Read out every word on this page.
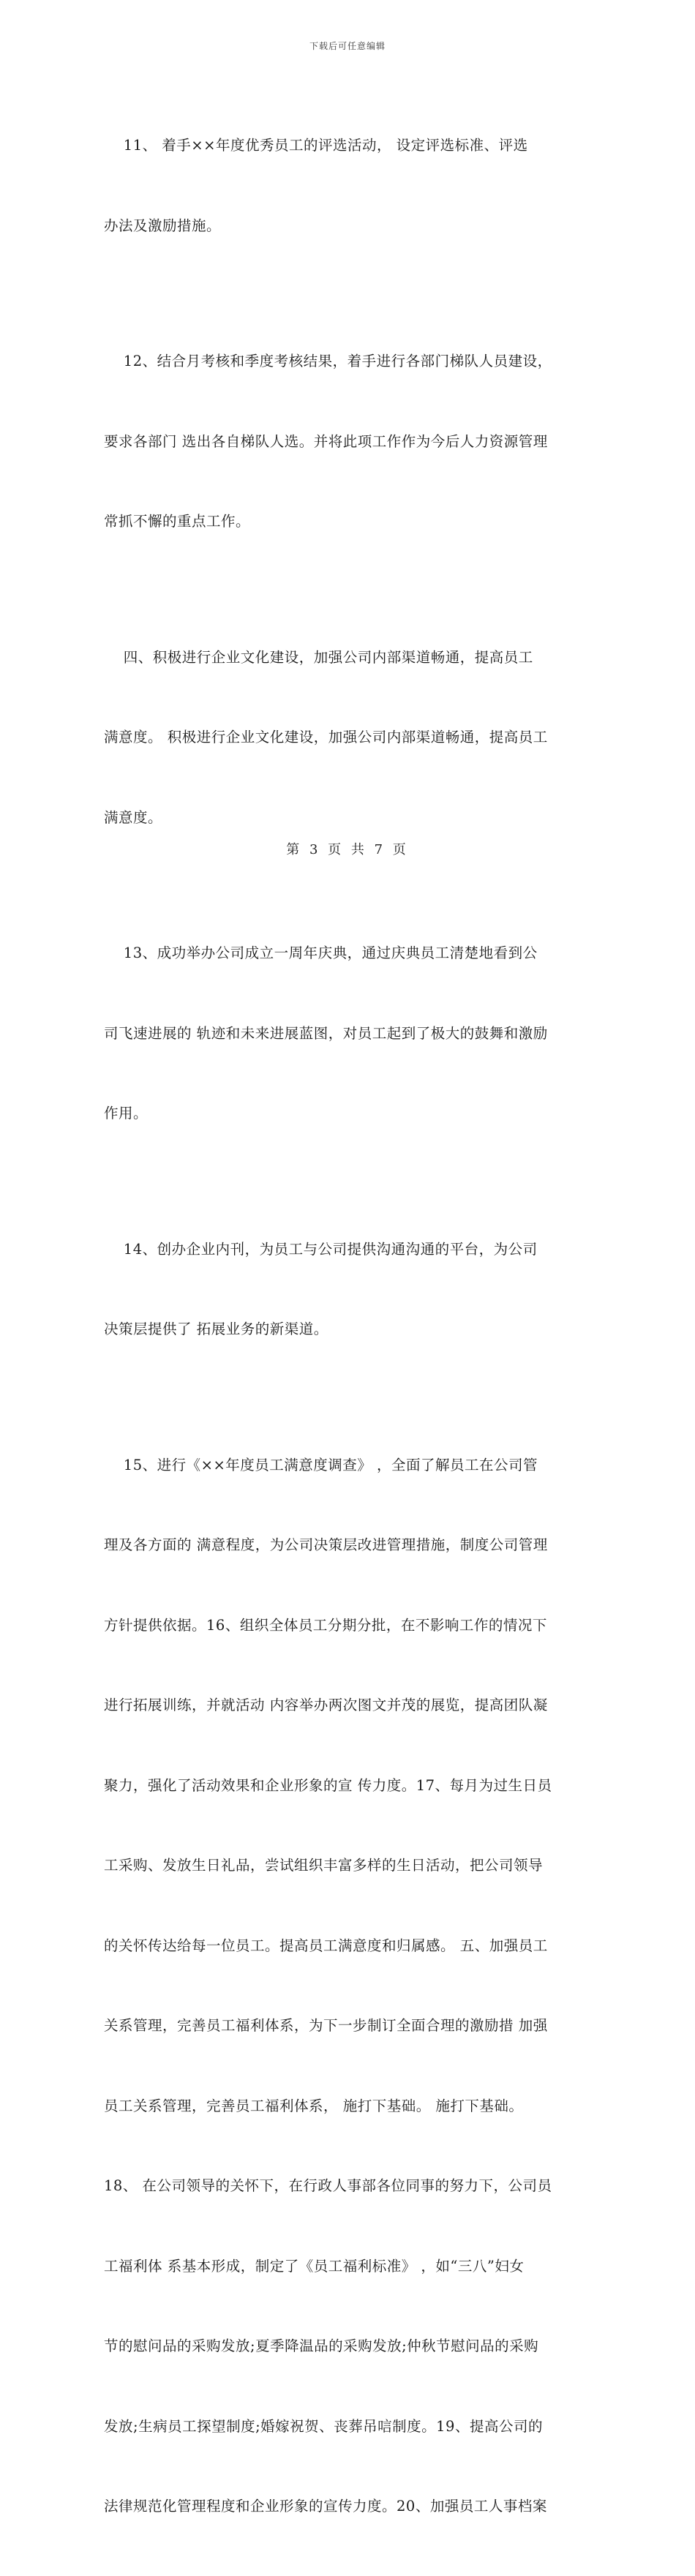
下载后可任意编辑

11、 着手××年度优秀员工的评选活动， 设定评选标准、评选

办法及激励措施。

12、结合月考核和季度考核结果，着手进行各部门梯队人员建设，

要求各部门 选出各自梯队人选。并将此项工作作为今后人力资源管理

常抓不懈的重点工作。

四、积极进行企业文化建设，加强公司内部渠道畅通，提高员工

满意度。 积极进行企业文化建设，加强公司内部渠道畅通，提高员工

满意度。

13、成功举办公司成立一周年庆典，通过庆典员工清楚地看到公

司飞速进展的 轨迹和未来进展蓝图，对员工起到了极大的鼓舞和激励

作用。

14、创办企业内刊，为员工与公司提供沟通沟通的平台，为公司

决策层提供了 拓展业务的新渠道。

15、进行《××年度员工满意度调查》 ，全面了解员工在公司管

理及各方面的 满意程度，为公司决策层改进管理措施，制度公司管理

方针提供依据。16、组织全体员工分期分批，在不影响工作的情况下

进行拓展训练，并就活动 内容举办两次图文并茂的展览，提高团队凝

聚力，强化了活动效果和企业形象的宣 传力度。17、每月为过生日员

工采购、发放生日礼品，尝试组织丰富多样的生日活动，把公司领导

的关怀传达给每一位员工。提高员工满意度和归属感。 五、加强员工

关系管理，完善员工福利体系，为下一步制订全面合理的激励措 加强

员工关系管理，完善员工福利体系， 施打下基础。 施打下基础。

18、 在公司领导的关怀下，在行政人事部各位同事的努力下，公司员

工福利体 系基本形成，制定了《员工福利标准》 ，如“三八”妇女

节的慰问品的采购发放;夏季降温品的采购发放;仲秋节慰问品的采购

发放;生病员工探望制度;婚嫁祝贺、丧葬吊唁制度。19、提高公司的

法律规范化管理程度和企业形象的宣传力度。20、加强员工人事档案

第 3 页 共 7 页
